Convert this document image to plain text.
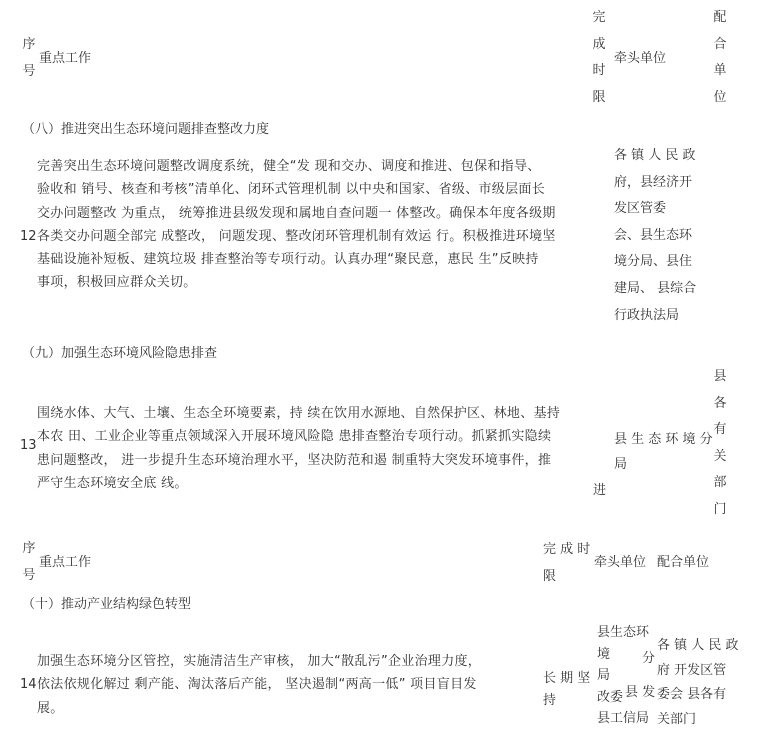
序号
重点工作
完成时限
牵头单位
配合单位
（八）推进突出生态环境问题排查整改力度
12
完善突出生态环境问题整改调度系统，健全“发 现和交办、调度和推进、包保和指导、
验收和 销号、核查和考核”清单化、闭环式管理机制 以中央和国家、省级、市级层面长
交办问题整改 为重点， 统筹推进县级发现和属地自查问题一 体整改。确保本年度各级期
各类交办问题全部完 成整改， 问题发现、整改闭环管理机制有效运 行。积极推进环境坚
基础设施补短板、建筑垃圾 排查整治等专项行动。认真办理“聚民意，惠民 生”反映持
事项，积极回应群众关切。
各 镇 人 民 政
府，县经济开
发区管委
会、县生态环
境分局、县住
建局、 县综合
行政执法局
（九）加强生态环境风险隐患排查
13
围绕水体、大气、土壤、生态全环境要素，持 续在饮用水源地、自然保护区、林地、基持
本农 田、工业企业等重点领域深入开展环境风险隐 患排查整治专项行动。抓紧抓实隐续
患问题整改， 进一步提升生态环境治理水平，坚决防范和遏 制重特大突发环境事件，推
严守生态环境安全底 线。	进
县 生 态 环 境 分
局
县各有关部门
序号
重点工作
完 成 时
限
牵头单位 配合单位
（十）推动产业结构绿色转型
14
加强生态环境分区管控，实施清洁生产审核， 加大“散乱污”企业治理力度，
依法依规化解过 剩产能、淘汰落后产能， 坚决遏制“两高一低” 项目盲目发
展。
长 期 坚
持
县生态环
境
局
改委
县工信局
分
县 发
各 镇 人 民 政
府 开发区管
委会 县各有
关部门
